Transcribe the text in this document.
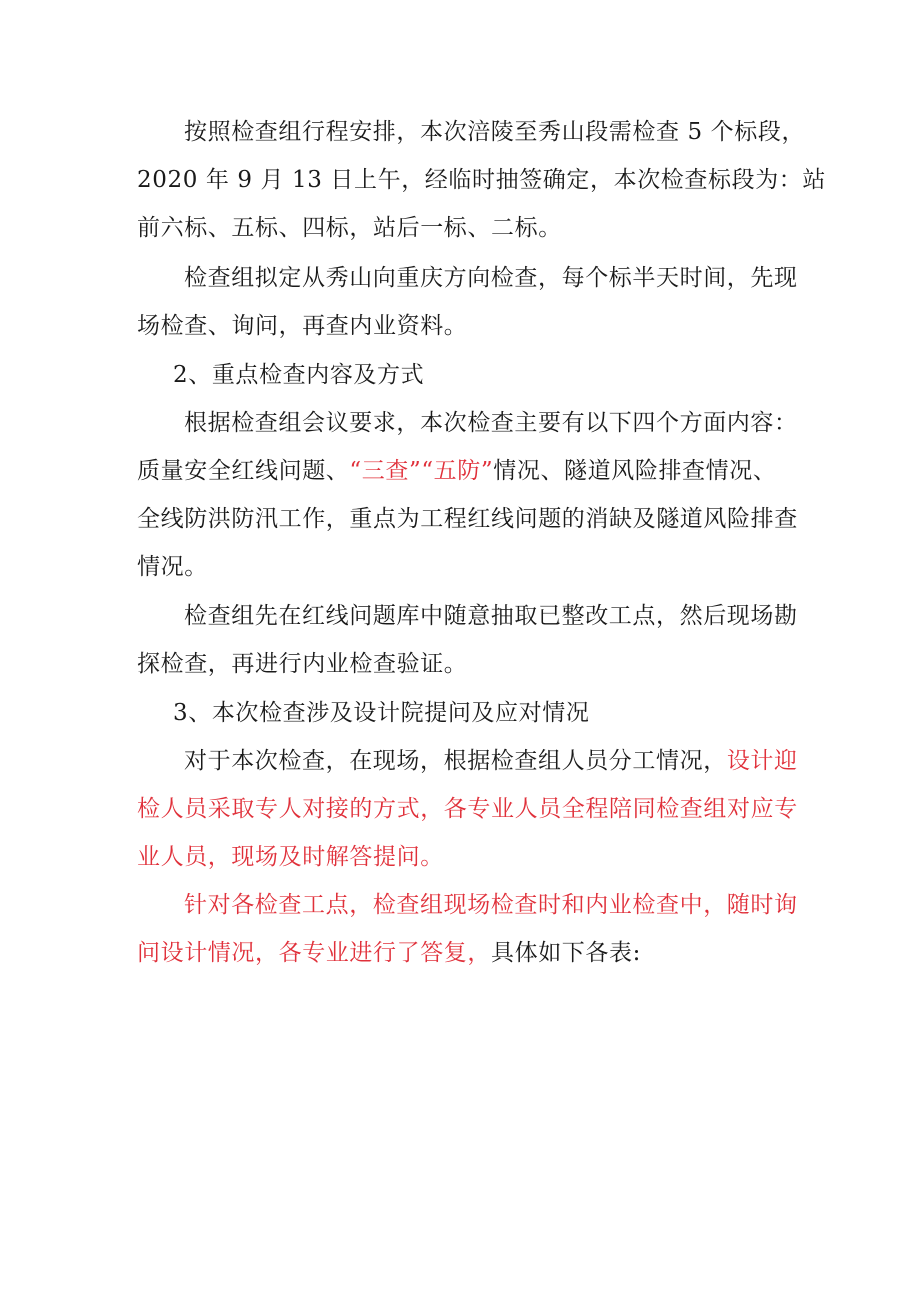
按照检查组行程安排，本次涪陵至秀山段需检查 5 个标段，
2020 年 9 月 13 日上午，经临时抽签确定，本次检查标段为：站
前六标、五标、四标，站后一标、二标。
检查组拟定从秀山向重庆方向检查，每个标半天时间，先现
场检查、询问，再查内业资料。
2、重点检查内容及方式
根据检查组会议要求，本次检查主要有以下四个方面内容：
质量安全红线问题、“三查”“五防”情况、隧道风险排查情况、
全线防洪防汛工作，重点为工程红线问题的消缺及隧道风险排查
情况。
检查组先在红线问题库中随意抽取已整改工点，然后现场勘
探检查，再进行内业检查验证。
3、本次检查涉及设计院提问及应对情况
对于本次检查，在现场，根据检查组人员分工情况，设计迎
检人员采取专人对接的方式，各专业人员全程陪同检查组对应专
业人员，现场及时解答提问。
针对各检查工点，检查组现场检查时和内业检查中，随时询
问设计情况，各专业进行了答复，具体如下各表:
